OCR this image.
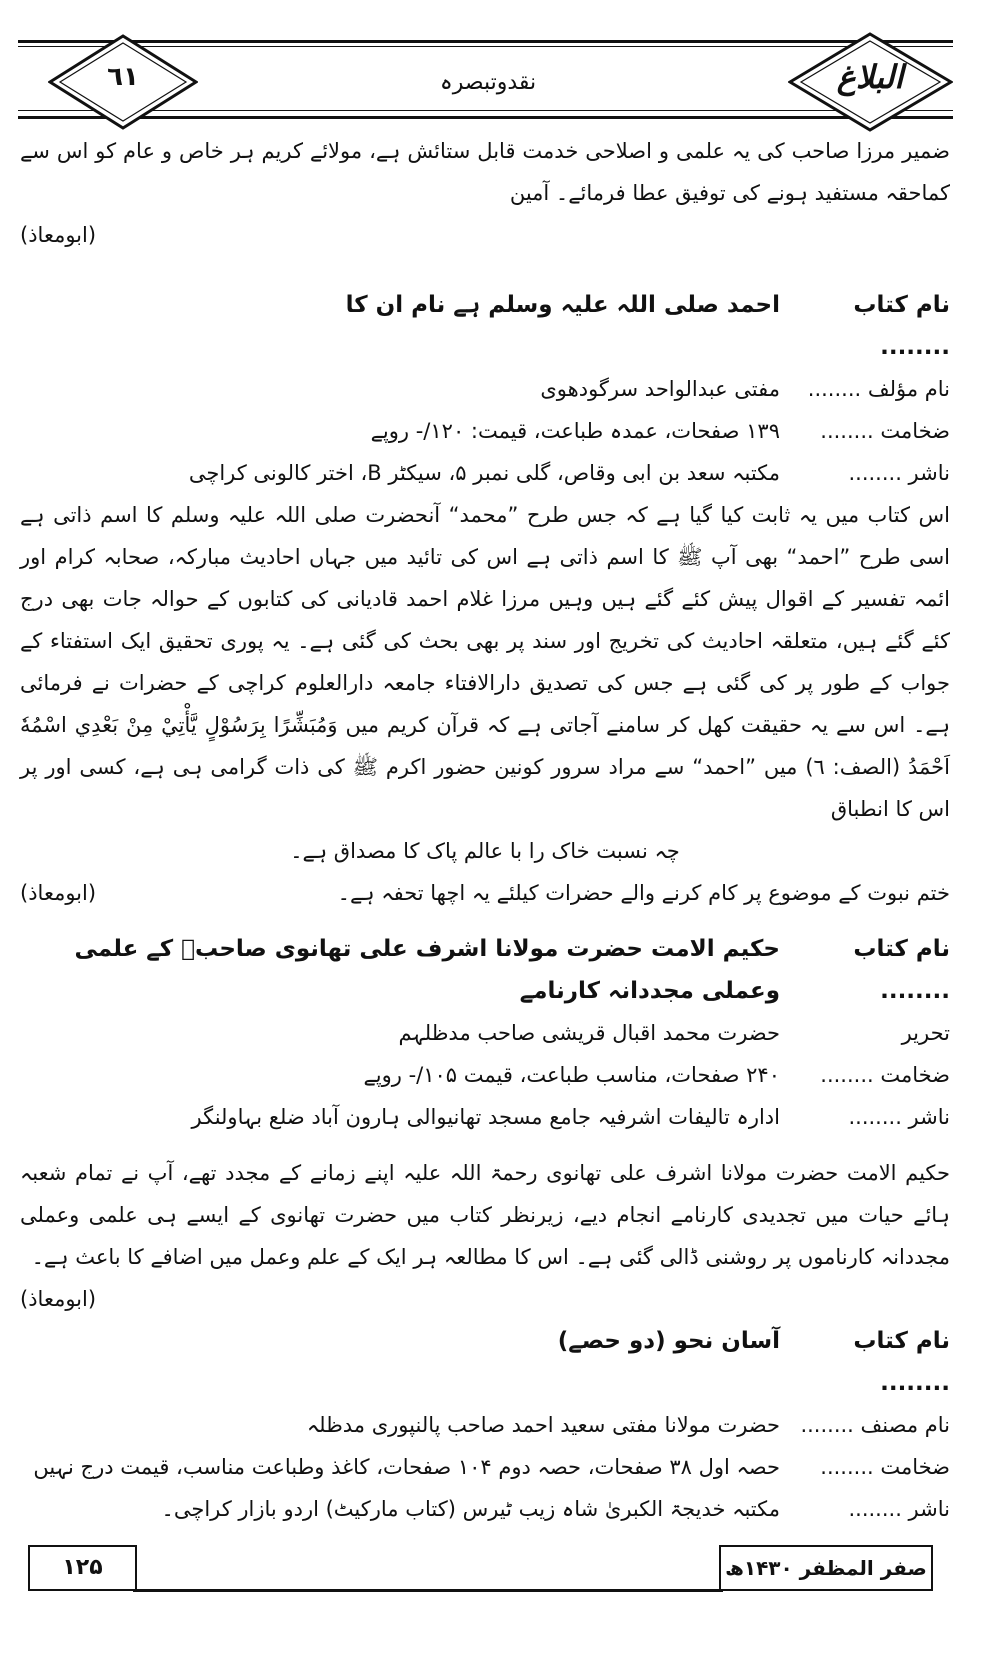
٦١	نقدوتبصرہ	البلاغ

ضمیر مرزا صاحب کی یہ علمی و اصلاحی خدمت قابل ستائش ہے، مولائے کریم ہر خاص و عام کو اس سے کماحقہ مستفید ہونے کی توفیق عطا فرمائے۔ آمین

(ابومعاذ)
نام کتاب ........
احمد صلی اللہ علیہ وسلم ہے نام ان کا
نام مؤلف ........
مفتی عبدالواحد سرگودھوی
ضخامت ........
۱۳۹ صفحات، عمدہ طباعت، قیمت: ۱۲۰/- روپے
ناشر ........
مکتبہ سعد بن ابی وقاص، گلی نمبر ۵، سیکٹر B، اختر کالونی کراچی

اس کتاب میں یہ ثابت کیا گیا ہے کہ جس طرح ”محمد“ آنحضرت صلی اللہ علیہ وسلم کا اسم ذاتی ہے اسی طرح ”احمد“ بھی آپ ﷺ کا اسم ذاتی ہے اس کی تائید میں جہاں احادیث مبارکہ، صحابہ کرام اور ائمہ تفسیر کے اقوال پیش کئے گئے ہیں وہیں مرزا غلام احمد قادیانی کی کتابوں کے حوالہ جات بھی درج کئے گئے ہیں، متعلقہ احادیث کی تخریج اور سند پر بھی بحث کی گئی ہے۔ یہ پوری تحقیق ایک استفتاء کے جواب کے طور پر کی گئی ہے جس کی تصدیق دارالافتاء جامعہ دارالعلوم کراچی کے حضرات نے فرمائی ہے۔ اس سے یہ حقیقت کھل کر سامنے آجاتی ہے کہ قرآن کریم میں وَمُبَشِّرًا بِرَسُوْلٍ يَّأْتِيْ مِنْ بَعْدِي اسْمُهٗ اَحْمَدُ (الصف: ٦) میں ”احمد“ سے مراد سرور کونین حضور اکرم ﷺ کی ذات گرامی ہی ہے، کسی اور پر اس کا انطباق

چہ نسبت خاک را با عالم پاک کا مصداق ہے۔
ختم نبوت کے موضوع پر کام کرنے والے حضرات کیلئے یہ اچھا تحفہ ہے۔
(ابومعاذ)
نام کتاب ........
حکیم الامت حضرت مولانا اشرف علی تھانوی صاحبؒ کے علمی وعملی مجددانہ کارنامے
تحریر
حضرت محمد اقبال قریشی صاحب مدظلہم
ضخامت ........
۲۴۰ صفحات، مناسب طباعت، قیمت ۱۰۵/- روپے
ناشر ........
ادارہ تالیفات اشرفیہ جامع مسجد تھانیوالی ہارون آباد ضلع بہاولنگر

حکیم الامت حضرت مولانا اشرف علی تھانوی رحمۃ اللہ علیہ اپنے زمانے کے مجدد تھے، آپ نے تمام شعبہ ہائے حیات میں تجدیدی کارنامے انجام دیے، زیرنظر کتاب میں حضرت تھانوی کے ایسے ہی علمی وعملی مجددانہ کارناموں پر روشنی ڈالی گئی ہے۔ اس کا مطالعہ ہر ایک کے علم وعمل میں اضافے کا باعث ہے۔

(ابومعاذ)
نام کتاب ........
آسان نحو (دو حصے)
نام مصنف ........
حضرت مولانا مفتی سعید احمد صاحب پالنپوری مدظلہ
ضخامت ........
حصہ اول ۳۸ صفحات، حصہ دوم ۱۰۴ صفحات، کاغذ وطباعت مناسب، قیمت درج نہیں
ناشر ........
مکتبہ خدیجۃ الکبریٰ شاہ زیب ٹیرس (کتاب مارکیٹ) اردو بازار کراچی۔
۱۲۵	صفر المظفر ۱۴۳۰ھ
